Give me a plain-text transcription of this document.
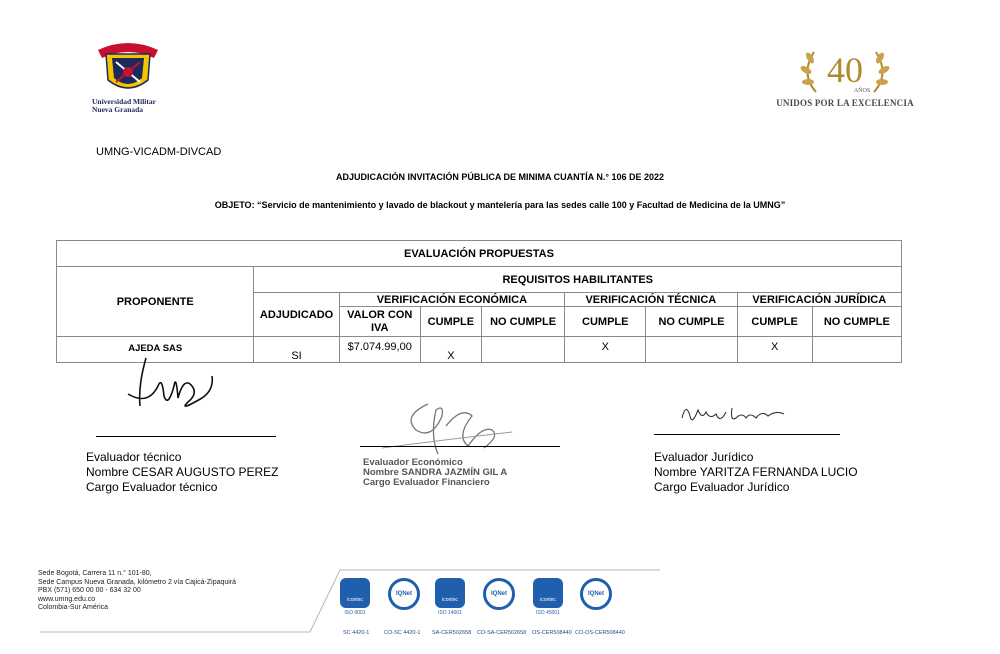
Universidad Militar
Nueva Granada
40
AÑOS
UNIDOS POR LA EXCELENCIA
UMNG-VICADM-DIVCAD
ADJUDICACIÓN INVITACIÓN PÚBLICA DE MINIMA CUANTÍA N.° 106 DE 2022
OBJETO: “Servicio de mantenimiento y lavado de blackout y mantelería para las sedes calle 100 y Facultad de Medicina de la UMNG”
EVALUACIÓN PROPUESTAS								
PROPONENTE	REQUISITOS HABILITANTES							
	ADJUDICADO	VERIFICACIÓN ECONÓMICA			VERIFICACIÓN TÉCNICA		VERIFICACIÓN JURÍDICA	
		VALOR CON IVA	CUMPLE	NO CUMPLE	CUMPLE	NO CUMPLE	CUMPLE	NO CUMPLE
AJEDA SAS	SI	$7.074.99,00	X		X		X	
Evaluador técnico
Nombre CESAR AUGUSTO PEREZ
Cargo Evaluador técnico
Evaluador Económico
Nombre SANDRA JAZMÍN GIL A
Cargo Evaluador Financiero
Evaluador Jurídico
Nombre YARITZA FERNANDA LUCIO
Cargo Evaluador Jurídico
Sede Bogotá, Carrera 11 n.° 101-80,
Sede Campus Nueva Granada, kilómetro 2 vía Cajicá-Zipaquirá
PBX (571) 650 00 00 - 634 32 00
www.umng.edu.co
Colombia-Sur América
icontec
ISO 9001
IQNet
icontec
ISO 14001
IQNet
icontec
ISO 45001
IQNet
SC 4420-1	CO-SC 4420-1 SA-CER502658 CO-SA-CER502658 OS-CER508440 CO-OS-CER508440
